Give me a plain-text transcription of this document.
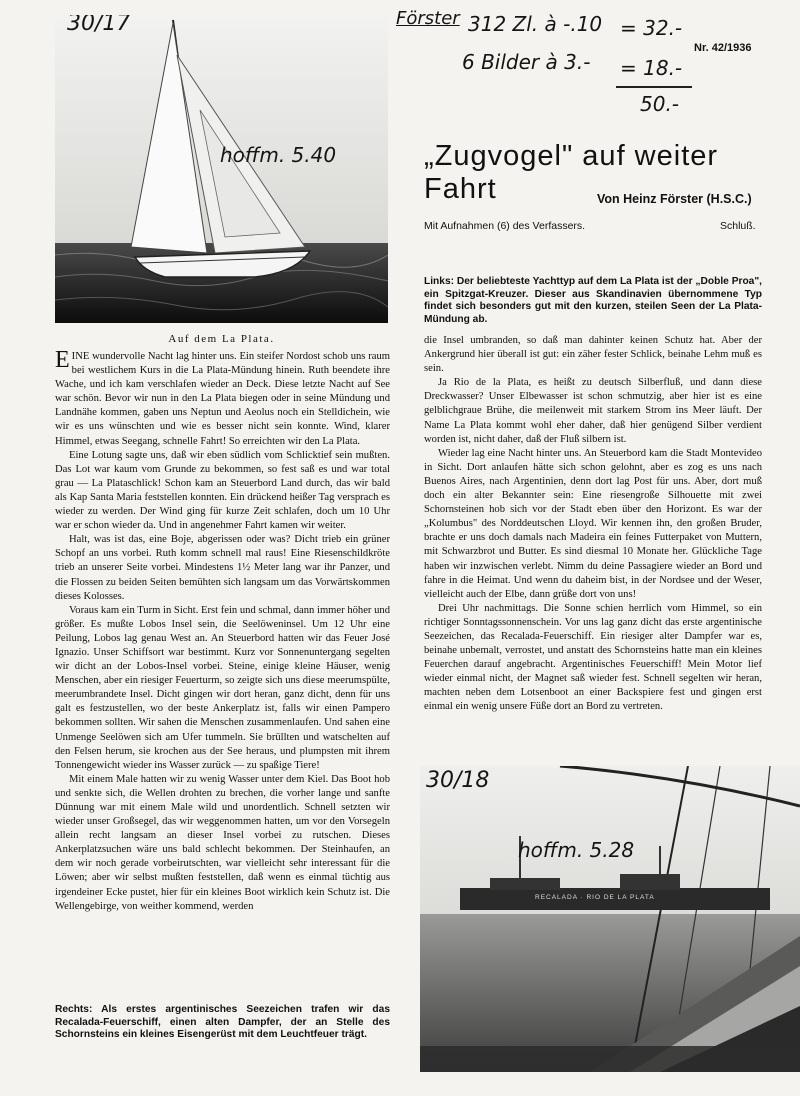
30/17
hoffm. 5.40
Auf dem La Plata.
Förster 312 Zl. à -.10 = 32.-
6 Bilder à 3.- = 18.-
50.-
Nr. 42/1936
„Zugvogel" auf weiter Fahrt	Von Heinz Förster (H.S.C.)
Mit Aufnahmen (6) des Verfassers.	Schluß.
Links: Der beliebteste Yachttyp auf dem La Plata ist der „Doble Proa", ein Spitzgat-Kreuzer. Dieser aus Skandinavien übernommene Typ findet sich besonders gut mit den kurzen, steilen Seen der La Plata-Mündung ab.

EINE wundervolle Nacht lag hinter uns. Ein steifer Nordost schob uns raum bei westlichem Kurs in die La Plata-Mündung hinein. Ruth beendete ihre Wache, und ich kam verschlafen wieder an Deck. Diese letzte Nacht auf See war schön. Bevor wir nun in den La Plata biegen oder in seine Mündung und Landnähe kommen, gaben uns Neptun und Aeolus noch ein Stelldichein, wie wir es uns wünschten und wie es besser nicht sein konnte. Wind, klarer Himmel, etwas Seegang, schnelle Fahrt! So erreichten wir den La Plata.

Eine Lotung sagte uns, daß wir eben südlich vom Schlicktief sein mußten. Das Lot war kaum vom Grunde zu bekommen, so fest saß es und war total grau — La Plataschlick! Schon kam an Steuerbord Land durch, das wir bald als Kap Santa Maria feststellen konnten. Ein drückend heißer Tag versprach es wieder zu werden. Der Wind ging für kurze Zeit schlafen, doch um 10 Uhr war er schon wieder da. Und in angenehmer Fahrt kamen wir weiter.

Halt, was ist das, eine Boje, abgerissen oder was? Dicht trieb ein grüner Schopf an uns vorbei. Ruth komm schnell mal raus! Eine Riesenschildkröte trieb an unserer Seite vorbei. Mindestens 1½ Meter lang war ihr Panzer, und die Flossen zu beiden Seiten bemühten sich langsam um das Vorwärtskommen dieses Kolosses.

Voraus kam ein Turm in Sicht. Erst fein und schmal, dann immer höher und größer. Es mußte Lobos Insel sein, die Seelöweninsel. Um 12 Uhr eine Peilung, Lobos lag genau West an. An Steuerbord hatten wir das Feuer José Ignazio. Unser Schiffsort war bestimmt. Kurz vor Sonnenuntergang segelten wir dicht an der Lobos-Insel vorbei. Steine, einige kleine Häuser, wenig Menschen, aber ein riesiger Feuerturm, so zeigte sich uns diese meerumspülte, meerumbrandete Insel. Dicht gingen wir dort heran, ganz dicht, denn für uns galt es festzustellen, wo der beste Ankerplatz ist, falls wir einen Pampero bekommen sollten. Wir sahen die Menschen zusammenlaufen. Und sahen eine Unmenge Seelöwen sich am Ufer tummeln. Sie brüllten und watschelten auf den Felsen herum, sie krochen aus der See heraus, und plumpsten mit ihrem Tonnengewicht wieder ins Wasser zurück — zu spaßige Tiere!

Mit einem Male hatten wir zu wenig Wasser unter dem Kiel. Das Boot hob und senkte sich, die Wellen drohten zu brechen, die vorher lange und sanfte Dünnung war mit einem Male wild und unordentlich. Schnell setzten wir wieder unser Großsegel, das wir weggenommen hatten, um vor den Vorsegeln allein recht langsam an dieser Insel vorbei zu rutschen. Dieses Ankerplatzsuchen wäre uns bald schlecht bekommen. Der Steinhaufen, an dem wir noch gerade vorbeirutschten, war vielleicht sehr interessant für die Löwen; aber wir selbst mußten feststellen, daß wenn es einmal tüchtig aus irgendeiner Ecke pustet, hier für ein kleines Boot wirklich kein Schutz ist. Die Wellengebirge, von weither kommend, werden

Rechts: Als erstes argentinisches Seezeichen trafen wir das Recalada-Feuerschiff, einen alten Dampfer, der an Stelle des Schornsteins ein kleines Eisengerüst mit dem Leuchtfeuer trägt.

die Insel umbranden, so daß man dahinter keinen Schutz hat. Aber der Ankergrund hier überall ist gut: ein zäher fester Schlick, beinahe Lehm muß es sein.

Ja Rio de la Plata, es heißt zu deutsch Silberfluß, und dann diese Dreckwasser? Unser Elbewasser ist schon schmutzig, aber hier ist es eine gelblichgraue Brühe, die meilenweit mit starkem Strom ins Meer läuft. Der Name La Plata kommt wohl eher daher, daß hier genügend Silber verdient worden ist, nicht daher, daß der Fluß silbern ist.

Wieder lag eine Nacht hinter uns. An Steuerbord kam die Stadt Montevideo in Sicht. Dort anlaufen hätte sich schon gelohnt, aber es zog es uns nach Buenos Aires, nach Argentinien, denn dort lag Post für uns. Aber, dort muß doch ein alter Bekannter sein: Eine riesengroße Silhouette mit zwei Schornsteinen hob sich vor der Stadt eben über den Horizont. Es war der „Kolumbus" des Norddeutschen Lloyd. Wir kennen ihn, den großen Bruder, brachte er uns doch damals nach Madeira ein feines Futterpaket von Muttern, mit Schwarzbrot und Butter. Es sind diesmal 10 Monate her. Glückliche Tage haben wir inzwischen verlebt. Nimm du deine Passagiere wieder an Bord und fahre in die Heimat. Und wenn du daheim bist, in der Nordsee und der Weser, vielleicht auch der Elbe, dann grüße dort von uns!

Drei Uhr nachmittags. Die Sonne schien herrlich vom Himmel, so ein richtiger Sonntagssonnenschein. Vor uns lag ganz dicht das erste argentinische Seezeichen, das Recalada-Feuerschiff. Ein riesiger alter Dampfer war es, beinahe unbemalt, verrostet, und anstatt des Schornsteins hatte man ein kleines Feuerchen darauf angebracht. Argentinisches Feuerschiff! Mein Motor lief wieder einmal nicht, der Magnet saß wieder fest. Schnell segelten wir heran, machten neben dem Lotsenboot an einer Backspiere fest und gingen erst einmal ein wenig unsere Füße dort an Bord zu vertreten.

RECALADA · RIO DE LA PLATA
30/18
hoffm. 5.28
